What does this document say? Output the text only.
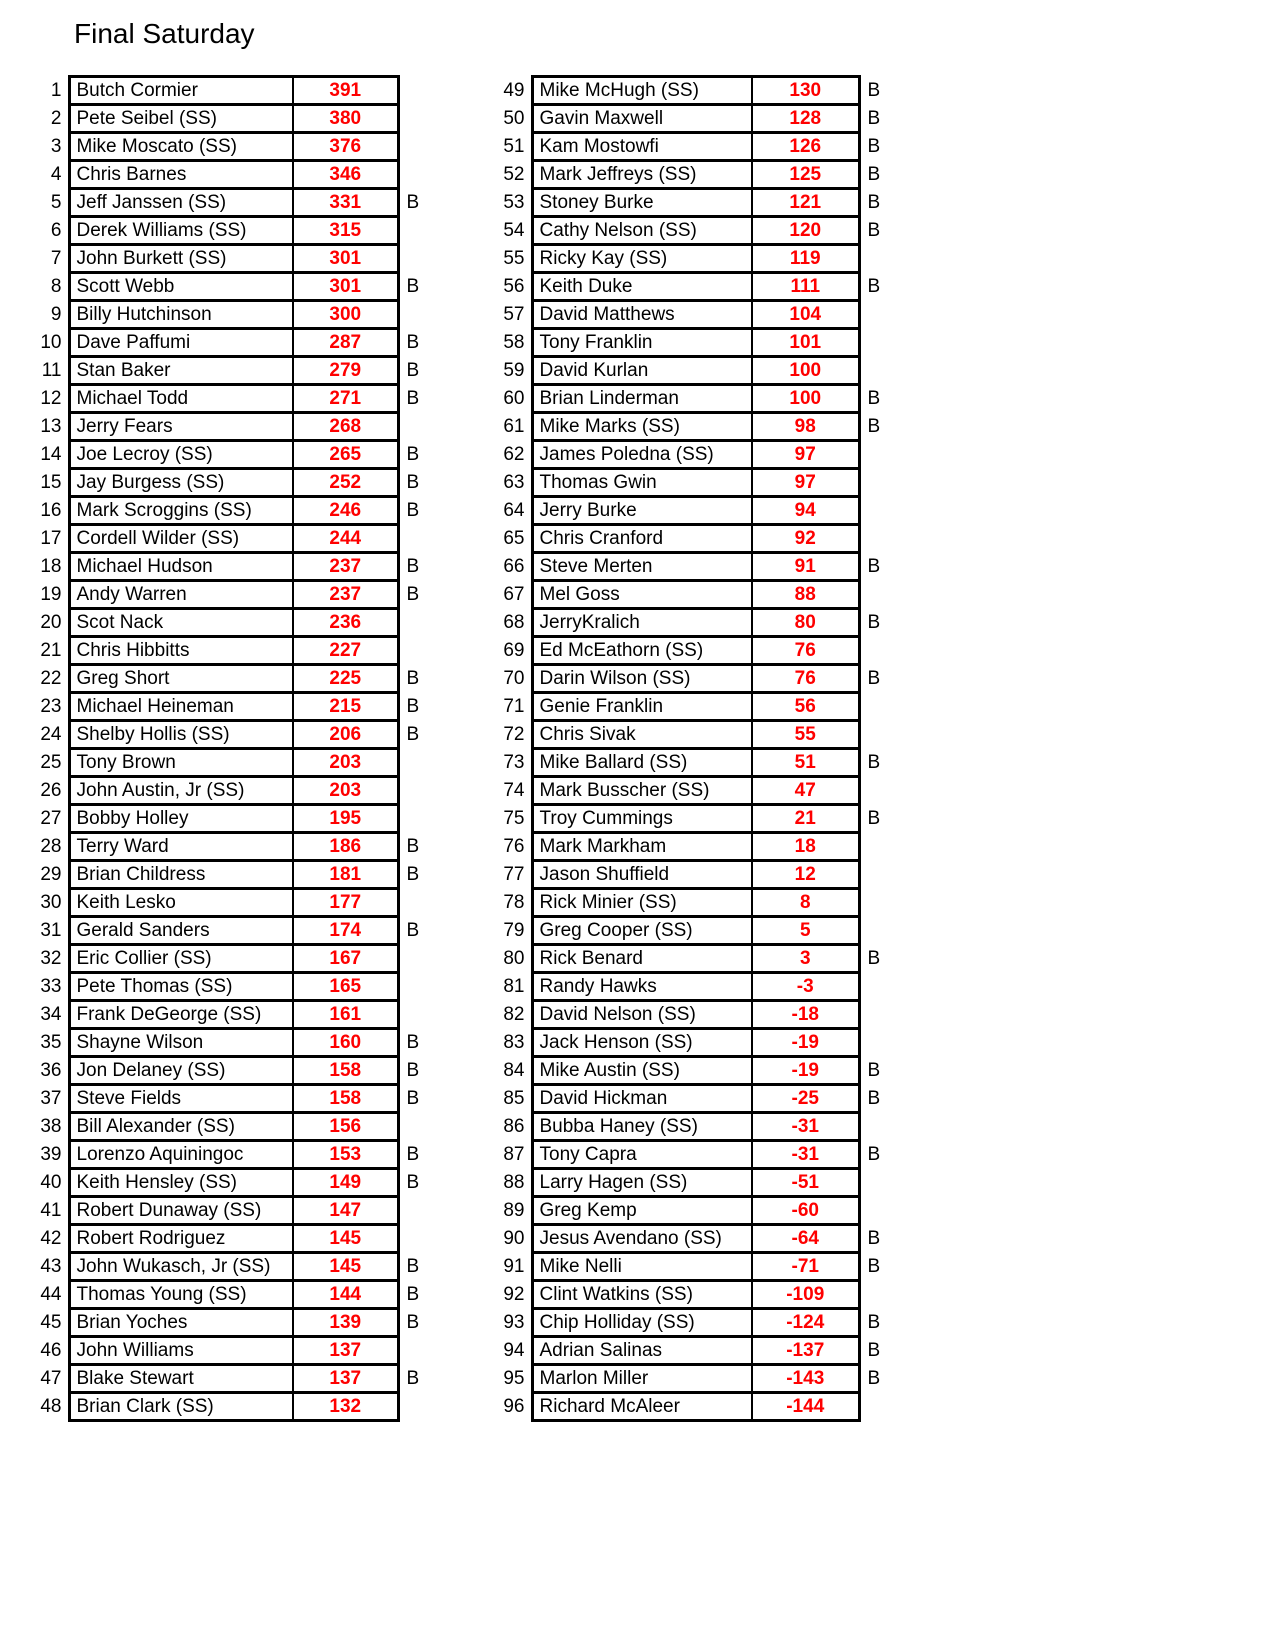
Final Saturday
1	Butch Cormier	391	
2	Pete Seibel (SS)	380	
3	Mike Moscato (SS)	376	
4	Chris Barnes	346	
5	Jeff Janssen (SS)	331	B
6	Derek Williams (SS)	315	
7	John Burkett (SS)	301	
8	Scott Webb	301	B
9	Billy Hutchinson	300	
10	Dave Paffumi	287	B
11	Stan Baker	279	B
12	Michael Todd	271	B
13	Jerry Fears	268	
14	Joe Lecroy (SS)	265	B
15	Jay Burgess (SS)	252	B
16	Mark Scroggins (SS)	246	B
17	Cordell Wilder (SS)	244	
18	Michael Hudson	237	B
19	Andy Warren	237	B
20	Scot Nack	236	
21	Chris Hibbitts	227	
22	Greg Short	225	B
23	Michael Heineman	215	B
24	Shelby Hollis (SS)	206	B
25	Tony Brown	203	
26	John Austin, Jr (SS)	203	
27	Bobby Holley	195	
28	Terry Ward	186	B
29	Brian Childress	181	B
30	Keith Lesko	177	
31	Gerald Sanders	174	B
32	Eric Collier (SS)	167	
33	Pete Thomas (SS)	165	
34	Frank DeGeorge (SS)	161	
35	Shayne Wilson	160	B
36	Jon Delaney (SS)	158	B
37	Steve Fields	158	B
38	Bill Alexander (SS)	156	
39	Lorenzo Aquiningoc	153	B
40	Keith Hensley (SS)	149	B
41	Robert Dunaway (SS)	147	
42	Robert Rodriguez	145	
43	John Wukasch, Jr (SS)	145	B
44	Thomas Young (SS)	144	B
45	Brian Yoches	139	B
46	John Williams	137	
47	Blake Stewart	137	B
48	Brian Clark (SS)	132	
49	Mike McHugh (SS)	130	B
50	Gavin Maxwell	128	B
51	Kam Mostowfi	126	B
52	Mark Jeffreys (SS)	125	B
53	Stoney Burke	121	B
54	Cathy Nelson (SS)	120	B
55	Ricky Kay (SS)	119	
56	Keith Duke	111	B
57	David Matthews	104	
58	Tony Franklin	101	
59	David Kurlan	100	
60	Brian Linderman	100	B
61	Mike Marks (SS)	98	B
62	James Poledna (SS)	97	
63	Thomas Gwin	97	
64	Jerry Burke	94	
65	Chris Cranford	92	
66	Steve Merten	91	B
67	Mel Goss	88	
68	JerryKralich	80	B
69	Ed McEathorn (SS)	76	
70	Darin Wilson (SS)	76	B
71	Genie Franklin	56	
72	Chris Sivak	55	
73	Mike Ballard (SS)	51	B
74	Mark Busscher (SS)	47	
75	Troy Cummings	21	B
76	Mark Markham	18	
77	Jason Shuffield	12	
78	Rick Minier (SS)	8	
79	Greg Cooper (SS)	5	
80	Rick Benard	3	B
81	Randy Hawks	-3	
82	David Nelson (SS)	-18	
83	Jack Henson (SS)	-19	
84	Mike Austin (SS)	-19	B
85	David Hickman	-25	B
86	Bubba Haney (SS)	-31	
87	Tony Capra	-31	B
88	Larry Hagen (SS)	-51	
89	Greg Kemp	-60	
90	Jesus Avendano (SS)	-64	B
91	Mike Nelli	-71	B
92	Clint Watkins (SS)	-109	
93	Chip Holliday (SS)	-124	B
94	Adrian Salinas	-137	B
95	Marlon Miller	-143	B
96	Richard McAleer	-144	
